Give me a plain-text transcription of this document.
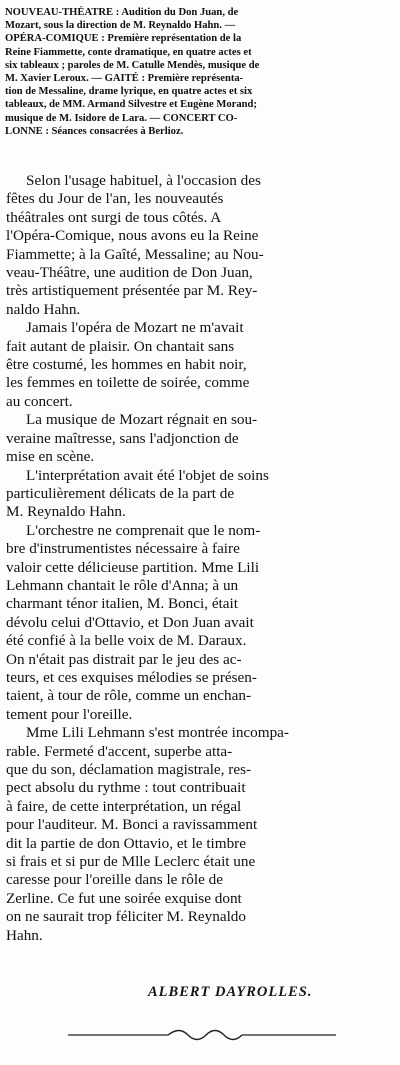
NOUVEAU-THÉATRE : Audition du Don Juan, de
Mozart, sous la direction de M. Reynaldo Hahn. —
OPÉRA-COMIQUE : Première représentation de la
Reine Fiammette, conte dramatique, en quatre actes et
six tableaux ; paroles de M. Catulle Mendès, musique de
M. Xavier Leroux. — GAITÉ : Première représenta-
tion de Messaline, drame lyrique, en quatre actes et six
tableaux, de MM. Armand Silvestre et Eugène Morand;
musique de M. Isidore de Lara. — CONCERT CO-
LONNE : Séances consacrées à Berlioz.
Selon l'usage habituel, à l'occasion des
fêtes du Jour de l'an, les nouveautés
théâtrales ont surgi de tous côtés. A
l'Opéra-Comique, nous avons eu la Reine
Fiammette; à la Gaîté, Messaline; au Nou-
veau-Théâtre, une audition de Don Juan,
très artistiquement présentée par M. Rey-
naldo Hahn.
Jamais l'opéra de Mozart ne m'avait
fait autant de plaisir. On chantait sans
être costumé, les hommes en habit noir,
les femmes en toilette de soirée, comme
au concert.
La musique de Mozart régnait en sou-
veraine maîtresse, sans l'adjonction de
mise en scène.
L'interprétation avait été l'objet de soins
particulièrement délicats de la part de
M. Reynaldo Hahn.
L'orchestre ne comprenait que le nom-
bre d'instrumentistes nécessaire à faire
valoir cette délicieuse partition. Mme Lili
Lehmann chantait le rôle d'Anna; à un
charmant ténor italien, M. Bonci, était
dévolu celui d'Ottavio, et Don Juan avait
été confié à la belle voix de M. Daraux.
On n'était pas distrait par le jeu des ac-
teurs, et ces exquises mélodies se présen-
taient, à tour de rôle, comme un enchan-
tement pour l'oreille.
Mme Lili Lehmann s'est montrée incompa-
rable. Fermeté d'accent, superbe atta-
que du son, déclamation magistrale, res-
pect absolu du rythme : tout contribuait
à faire, de cette interprétation, un régal
pour l'auditeur. M. Bonci a ravissamment
dit la partie de don Ottavio, et le timbre
si frais et si pur de Mlle Leclerc était une
caresse pour l'oreille dans le rôle de
Zerline. Ce fut une soirée exquise dont
on ne saurait trop féliciter M. Reynaldo
Hahn.
ALBERT DAYROLLES.
